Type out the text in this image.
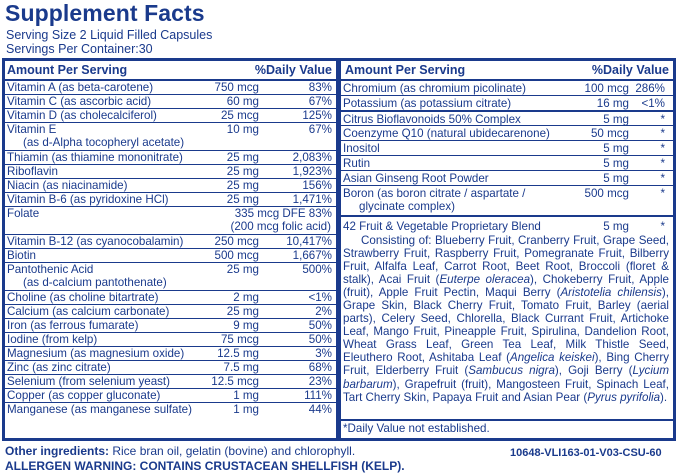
Supplement Facts
Serving Size 2 Liquid Filled Capsules
Servings Per Container:30
Amount Per Serving	%Daily Value
Vitamin A (as beta-carotene)	750 mcg	83%
Vitamin C (as ascorbic acid)	60 mg	67%
Vitamin D (as cholecalciferol)	25 mcg	125%
Vitamin E
(as d-Alpha tocopheryl acetate)
10 mg	67%
Thiamin (as thiamine mononitrate)	25 mg	2,083%
Riboflavin	25 mg	1,923%
Niacin (as niacinamide)	25 mg	156%
Vitamin B-6 (as pyridoxine HCl)	25 mg	1,471%
Folate	335 mcg DFE 83%
(200 mcg folic acid)
Vitamin B-12 (as cyanocobalamin)	250 mcg 10,417%
Biotin	500 mcg	1,667%
Pantothenic Acid
(as d-calcium pantothenate)
25 mg	500%
Choline (as choline bitartrate)	2 mg	<1%
Calcium (as calcium carbonate)	25 mg	2%
Iron (as ferrous fumarate)	9 mg	50%
Iodine (from kelp)	75 mcg	50%
Magnesium (as magnesium oxide)	12.5 mg	3%
Zinc (as zinc citrate)	7.5 mg	68%
Selenium (from selenium yeast)	12.5 mcg	23%
Copper (as copper gluconate)	1 mg	111%
Manganese (as manganese sulfate)	1 mg	44%
Amount Per Serving	%Daily Value
Chromium (as chromium picolinate)	100 mcg 286%
Potassium (as potassium citrate)	16 mg <1%
Citrus Bioflavonoids 50% Complex	5 mg	*
Coenzyme Q10 (natural ubidecarenone)	50 mcg	*
Inositol	5 mg	*
Rutin	5 mg	*
Asian Ginseng Root Powder	5 mg	*
Boron (as boron citrate / aspartate /
glycinate complex)
500 mcg	*
42 Fruit & Vegetable Proprietary Blend	5 mg	*
Consisting of: Blueberry Fruit, Cranberry Fruit, Grape Seed, Strawberry Fruit, Raspberry Fruit, Pomegranate Fruit, Bilberry Fruit, Alfalfa Leaf, Carrot Root, Beet Root, Broccoli (floret & stalk), Acai Fruit (Euterpe oleracea), Chokeberry Fruit, Apple (fruit), Apple Fruit Pectin, Maqui Berry (Aristotelia chilensis), Grape Skin, Black Cherry Fruit, Tomato Fruit, Barley (aerial parts), Celery Seed, Chlorella, Black Currant Fruit, Artichoke Leaf, Mango Fruit, Pineapple Fruit, Spirulina, Dandelion Root, Wheat Grass Leaf, Green Tea Leaf, Milk Thistle Seed, Eleuthero Root, Ashitaba Leaf (Angelica keiskei), Bing Cherry Fruit, Elderberry Fruit (Sambucus nigra), Goji Berry (Lycium barbarum), Grapefruit (fruit), Mangosteen Fruit, Spinach Leaf, Tart Cherry Skin, Papaya Fruit and Asian Pear (Pyrus pyrifolia).
*Daily Value not established.
Other ingredients: Rice bran oil, gelatin (bovine) and chlorophyll.
ALLERGEN WARNING: CONTAINS CRUSTACEAN SHELLFISH (KELP).
10648-VLI163-01-V03-CSU-60
